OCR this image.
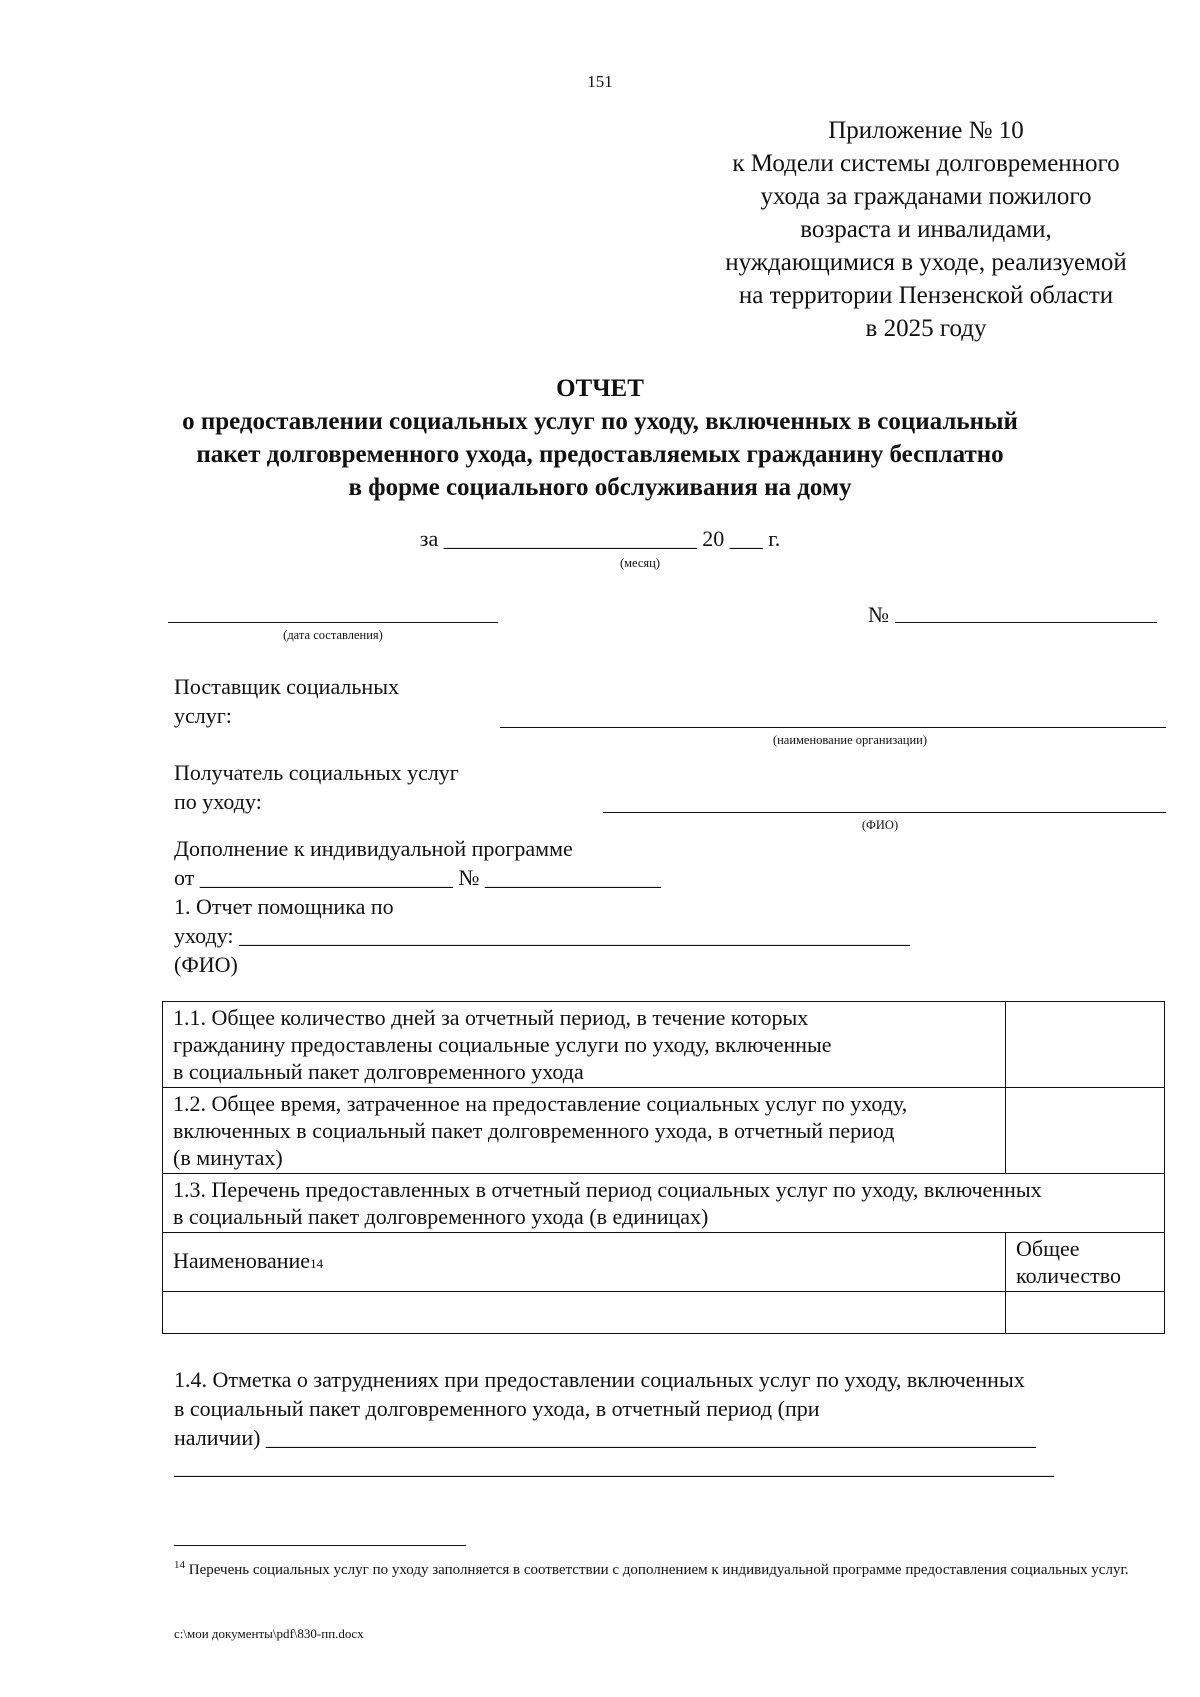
151
Приложение № 10
к Модели системы долговременного
ухода за гражданами пожилого
возраста и инвалидами,
нуждающимися в уходе, реализуемой
на территории Пензенской области
в 2025 году
ОТЧЕТ
о предоставлении социальных услуг по уходу, включенных в социальный
пакет долговременного ухода, предоставляемых гражданину бесплатно
в форме социального обслуживания на дому
за _______________________ 20 ___ г.
(месяц)
(дата составления)
№
Поставщик социальных
услуг:
(наименование организации)
Получатель социальных услуг
по уходу:
(ФИО)
Дополнение к индивидуальной программе
от _______________________ № ________________
1. Отчет помощника по
уходу: _____________________________________________________________
(ФИО)
1.1. Общее количество дней за отчетный период, в течение которых
гражданину предоставлены социальные услуги по уходу, включенные
в социальный пакет долговременного ухода	

1.2. Общее время, затраченное на предоставление социальных услуг по уходу,
включенных в социальный пакет долговременного ухода, в отчетный период
(в минутах)	

1.3. Перечень предоставленных в отчетный период социальных услуг по уходу, включенных
в социальный пакет долговременного ухода (в единицах)	

Наименование14	Общее
количество

1.4. Отметка о затруднениях при предоставлении социальных услуг по уходу, включенных
в социальный пакет долговременного ухода, в отчетный период (при
наличии) ______________________________________________________________________
________________________________________________________________________________
$^{14}$ Перечень социальных услуг по уходу заполняется в соответствии с дополнением к индивидуальной программе предоставления социальных услуг.
c:\мои документы\pdf\830-пп.docx
